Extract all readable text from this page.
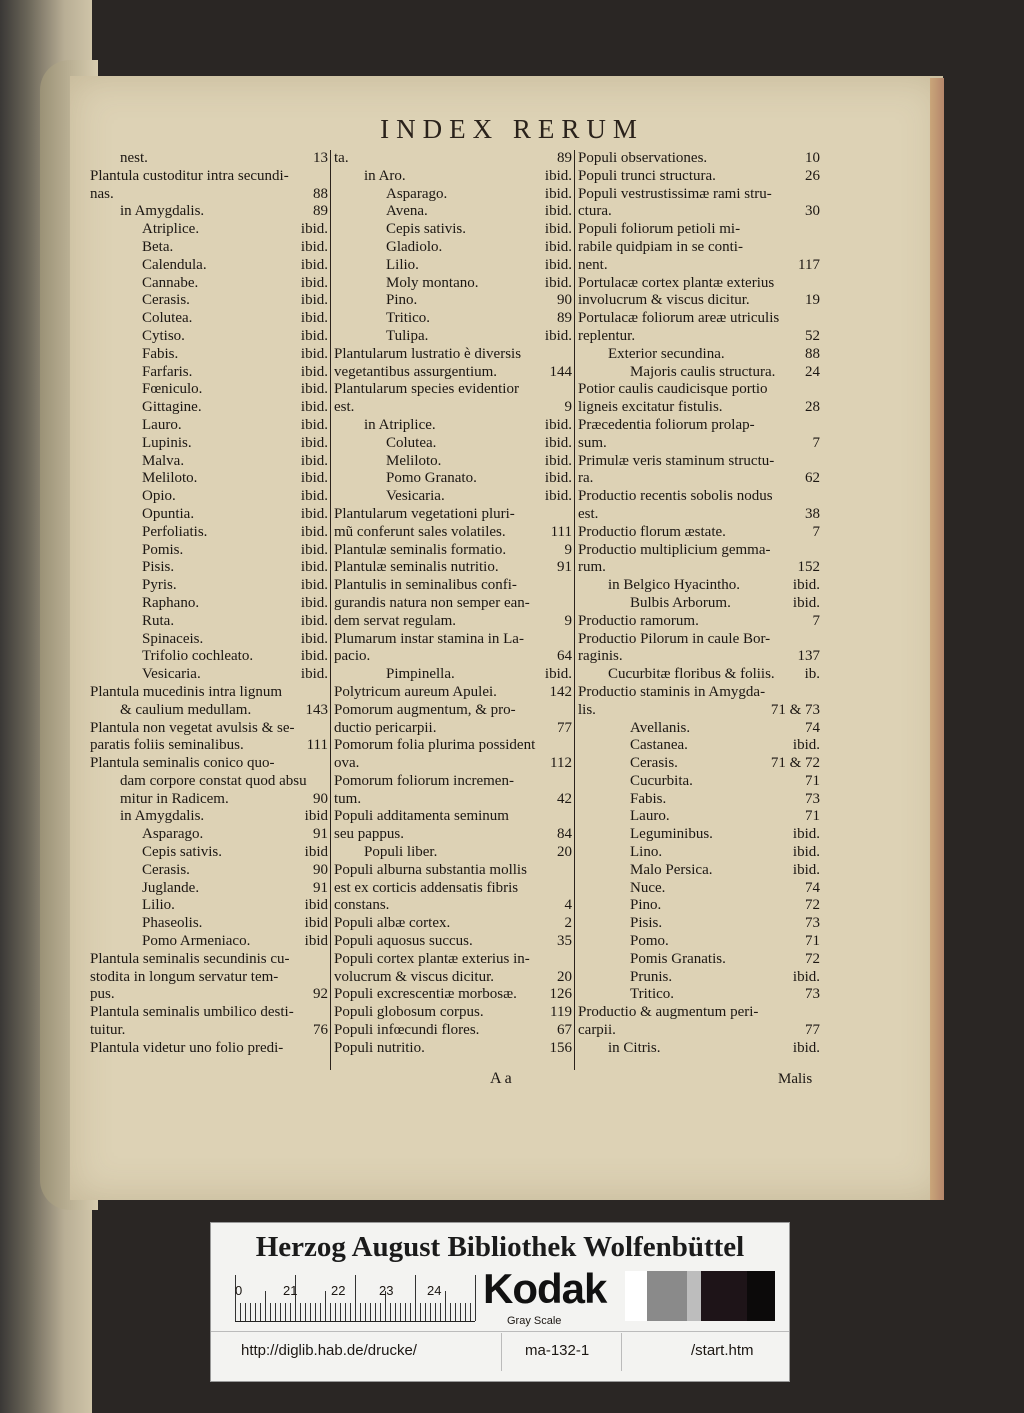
INDEX RERUM
nest.	13
Plantula custoditur intra secundi-
nas.	88
in Amygdalis.	89
Atriplice.	ibid.
Beta.	ibid.
Calendula.	ibid.
Cannabe.	ibid.
Cerasis.	ibid.
Colutea.	ibid.
Cytiso.	ibid.
Fabis.	ibid.
Farfaris.	ibid.
Fœniculo.	ibid.
Gittagine.	ibid.
Lauro.	ibid.
Lupinis.	ibid.
Malva.	ibid.
Meliloto.	ibid.
Opio.	ibid.
Opuntia.	ibid.
Perfoliatis.	ibid.
Pomis.	ibid.
Pisis.	ibid.
Pyris.	ibid.
Raphano.	ibid.
Ruta.	ibid.
Spinaceis.	ibid.
Trifolio cochleato.	ibid.
Vesicaria.	ibid.
Plantula mucedinis intra lignum
& caulium medullam.	143
Plantula non vegetat avulsis & se-
paratis foliis seminalibus.	111
Plantula seminalis conico quo-
dam corpore constat quod absu
mitur in Radicem.	90
in Amygdalis.	ibid
Asparago.	91
Cepis sativis.	ibid
Cerasis.	90
Juglande.	91
Lilio.	ibid
Phaseolis.	ibid
Pomo Armeniaco.	ibid
Plantula seminalis secundinis cu-
stodita in longum servatur tem-
pus.	92
Plantula seminalis umbilico desti-
tuitur.	76
Plantula videtur uno folio predi-
ta.	89
in Aro.	ibid.
Asparago.	ibid.
Avena.	ibid.
Cepis sativis.	ibid.
Gladiolo.	ibid.
Lilio.	ibid.
Moly montano.	ibid.
Pino.	90
Tritico.	89
Tulipa.	ibid.
Plantularum lustratio è diversis
vegetantibus assurgentium.	144
Plantularum species evidentior
est.	9
in Atriplice.	ibid.
Colutea.	ibid.
Meliloto.	ibid.
Pomo Granato.	ibid.
Vesicaria.	ibid.
Plantularum vegetationi pluri-
mũ conferunt sales volatiles.	111
Plantulæ seminalis formatio.	9
Plantulæ seminalis nutritio.	91
Plantulis in seminalibus confi-
gurandis natura non semper ean-
dem servat regulam.	9
Plumarum instar stamina in La-
pacio.	64
Pimpinella.	ibid.
Polytricum aureum Apulei.	142
Pomorum augmentum, & pro-
ductio pericarpii.	77
Pomorum folia plurima possident
ova.	112
Pomorum foliorum incremen-
tum.	42
Populi additamenta seminum
seu pappus.	84
Populi liber.	20
Populi alburna substantia mollis
est ex corticis addensatis fibris
constans.	4
Populi albæ cortex.	2
Populi aquosus succus.	35
Populi cortex plantæ exterius in-
volucrum & viscus dicitur.	20
Populi excrescentiæ morbosæ. 126
Populi globosum corpus.	119
Populi infœcundi flores.	67
Populi nutritio.	156
Populi observationes.	10
Populi trunci structura.	26
Populi vestrustissimæ rami stru-
ctura.	30
Populi foliorum petioli mi-
rabile quidpiam in se conti-
nent.	117
Portulacæ cortex plantæ exterius
involucrum & viscus dicitur.	19
Portulacæ foliorum areæ utriculis
replentur.	52
Exterior secundina.	88
Majoris caulis structura. 24
Potior caulis caudicisque portio
ligneis excitatur fistulis.	28
Præcedentia foliorum prolap-
sum.	7
Primulæ veris staminum structu-
ra.	62
Productio recentis sobolis nodus
est.	38
Productio florum æstate.	7
Productio multiplicium gemma-
rum.	152
in Belgico Hyacintho.	ibid.
Bulbis Arborum.	ibid.
Productio ramorum.	7
Productio Pilorum in caule Bor-
raginis.	137
Cucurbitæ floribus & foliis. ib.
Productio staminis in Amygda-
lis.	71 & 73
Avellanis.	74
Castanea.	ibid.
Cerasis.	71 & 72
Cucurbita.	71
Fabis.	73
Lauro.	71
Leguminibus.	ibid.
Lino.	ibid.
Malo Persica.	ibid.
Nuce.	74
Pino.	72
Pisis.	73
Pomo.	71
Pomis Granatis.	72
Prunis.	ibid.
Tritico.	73
Productio & augmentum peri-
carpii.	77
in Citris.	ibid.
A a	Malis
Herzog August Bibliothek Wolfenbüttel
0	21	22	23	24 Kodak
Gray Scale
http://diglib.hab.de/drucke/	ma-132-1	/start.htm
